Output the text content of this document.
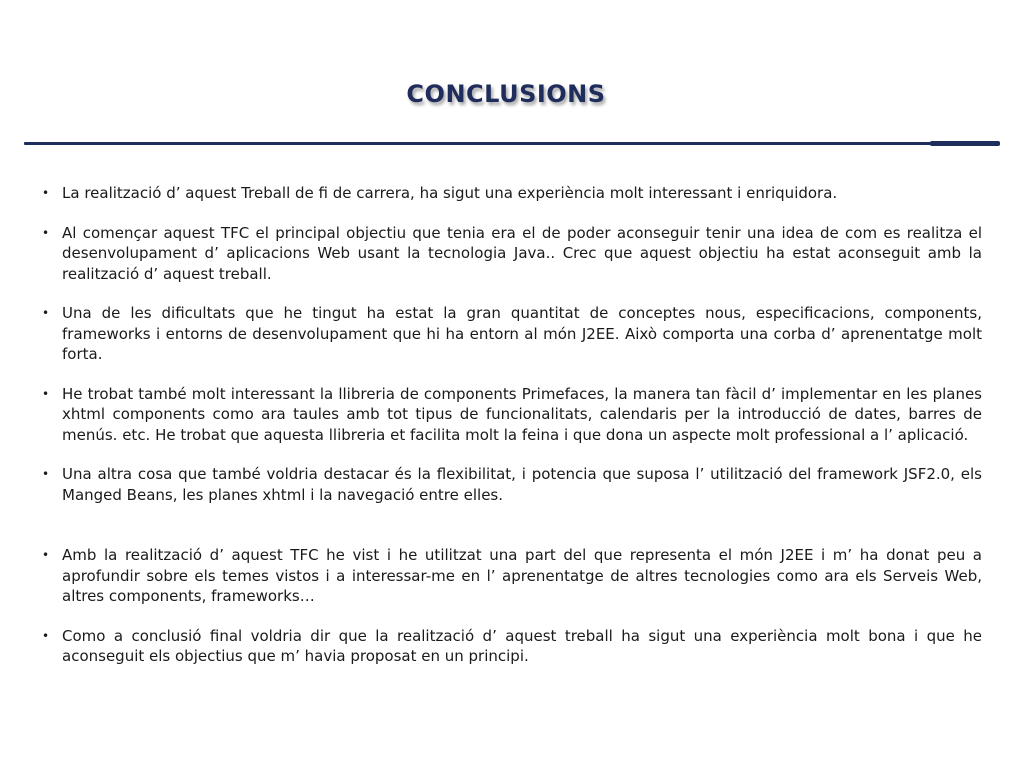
CONCLUSIONS
• La realització d’ aquest Treball de fi de carrera, ha sigut una experiència molt interessant i enriquidora.
• Al començar aquest TFC el principal objectiu que tenia era el de poder aconseguir tenir una idea de com es realitza el desenvolupament d’ aplicacions Web usant la tecnologia Java.. Crec que aquest objectiu ha estat aconseguit amb la realització d’ aquest treball.
• Una de les dificultats que he tingut ha estat la gran quantitat de conceptes nous, especificacions, components, frameworks i entorns de desenvolupament que hi ha entorn al món J2EE. Això comporta una corba d’ aprenentatge molt forta.
• He trobat també molt interessant la llibreria de components Primefaces, la manera tan fàcil d’ implementar en les planes xhtml components como ara taules amb tot tipus de funcionalitats, calendaris per la introducció de dates, barres de menús. etc. He trobat que aquesta llibreria et facilita molt la feina i que dona un aspecte molt professional a l’ aplicació.
• Una altra cosa que també voldria destacar és la flexibilitat, i potencia que suposa l’ utilització del framework JSF2.0, els Manged Beans, les planes xhtml i la navegació entre elles.
• Amb la realització d’ aquest TFC he vist i he utilitzat una part del que representa el món J2EE i m’ ha donat peu a aprofundir sobre els temes vistos i a interessar-me en l’ aprenentatge de altres tecnologies como ara els Serveis Web, altres components, frameworks…
• Como a conclusió final voldria dir que la realització d’ aquest treball ha sigut una experiència molt bona i que he aconseguit els objectius que m’ havia proposat en un principi.
